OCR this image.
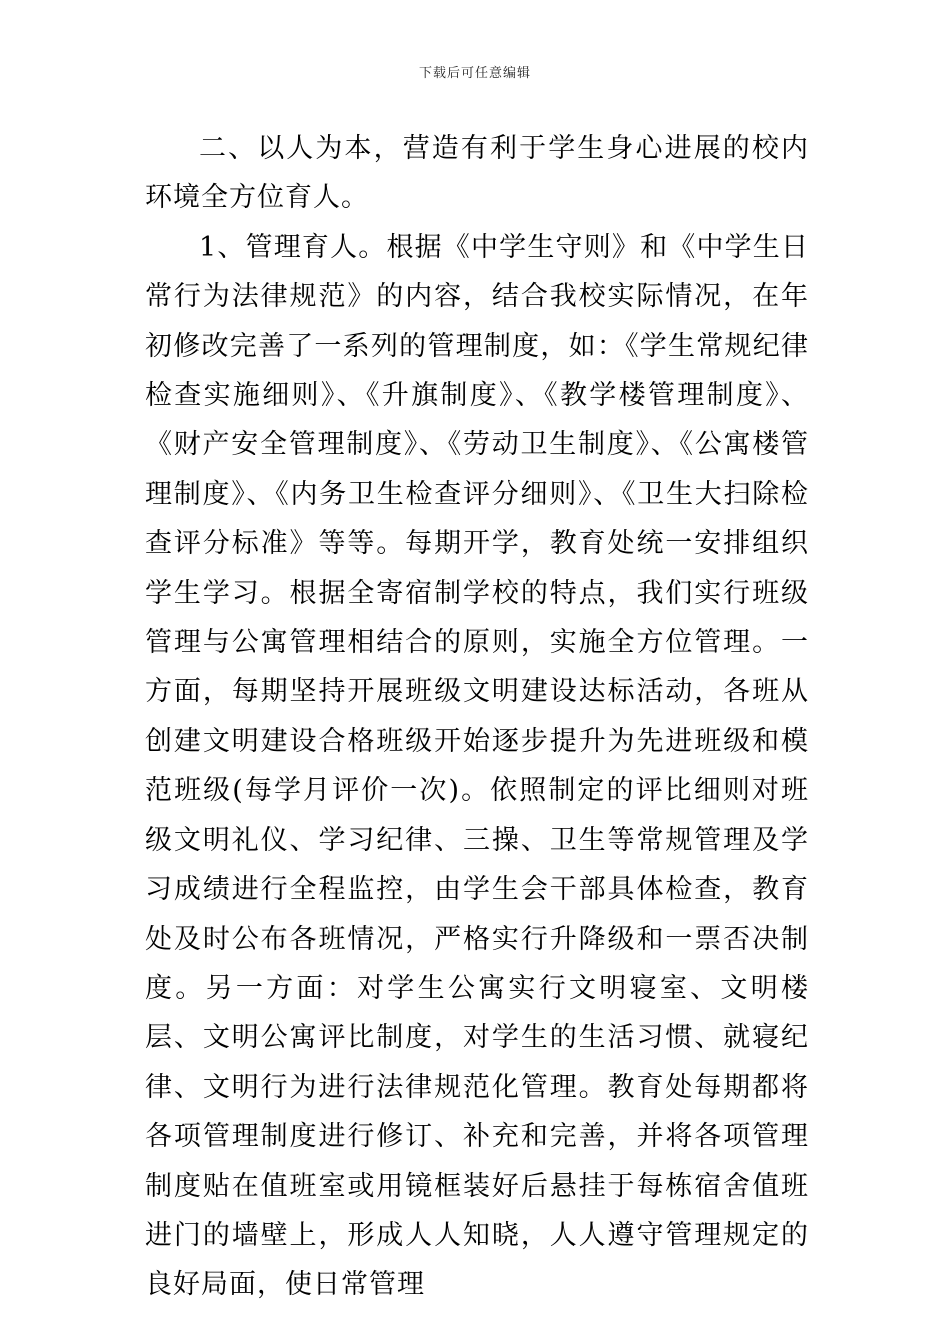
下载后可任意编辑

二、以人为本，营造有利于学生身心进展的校内环境全方位育人。

1、管理育人。根据《中学生守则》和《中学生日常行为法律规范》的内容，结合我校实际情况，在年初修改完善了一系列的管理制度，如：《学生常规纪律检查实施细则》、《升旗制度》、《教学楼管理制度》、《财产安全管理制度》、《劳动卫生制度》、《公寓楼管理制度》、《内务卫生检查评分细则》、《卫生大扫除检查评分标准》等等。每期开学，教育处统一安排组织学生学习。根据全寄宿制学校的特点，我们实行班级管理与公寓管理相结合的原则，实施全方位管理。一方面，每期坚持开展班级文明建设达标活动，各班从创建文明建设合格班级开始逐步提升为先进班级和模范班级(每学月评价一次)。依照制定的评比细则对班级文明礼仪、学习纪律、三操、卫生等常规管理及学习成绩进行全程监控，由学生会干部具体检查，教育处及时公布各班情况，严格实行升降级和一票否决制度。另一方面：对学生公寓实行文明寝室、文明楼层、文明公寓评比制度，对学生的生活习惯、就寝纪律、文明行为进行法律规范化管理。教育处每期都将各项管理制度进行修订、补充和完善，并将各项管理制度贴在值班室或用镜框装好后悬挂于每栋宿舍值班进门的墙壁上，形成人人知晓，人人遵守管理规定的良好局面，使日常管理
